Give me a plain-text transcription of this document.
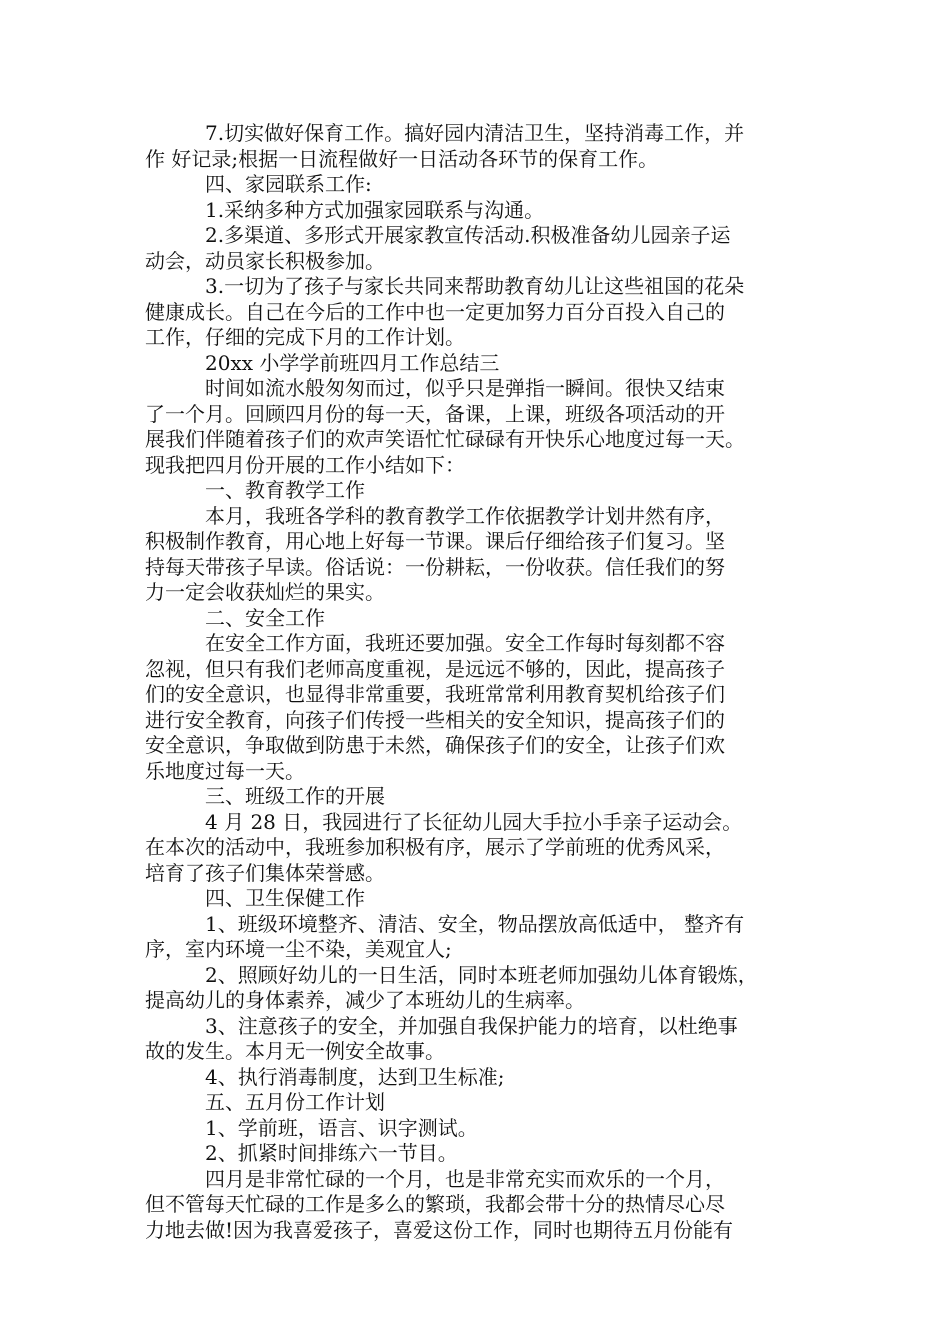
7.切实做好保育工作。搞好园内清洁卫生，坚持消毒工作，并

作 好记录;根据一日流程做好一日活动各环节的保育工作。

四、家园联系工作:

1.采纳多种方式加强家园联系与沟通。

2.多渠道、多形式开展家教宣传活动.积极准备幼儿园亲子运

动会，动员家长积极参加。

3.一切为了孩子与家长共同来帮助教育幼儿让这些祖国的花朵

健康成长。自己在今后的工作中也一定更加努力百分百投入自己的

工作，仔细的完成下月的工作计划。

20xx 小学学前班四月工作总结三

时间如流水般匆匆而过，似乎只是弹指一瞬间。很快又结束

了一个月。回顾四月份的每一天，备课，上课，班级各项活动的开

展我们伴随着孩子们的欢声笑语忙忙碌碌有开快乐心地度过每一天。

现我把四月份开展的工作小结如下：

一、教育教学工作

本月，我班各学科的教育教学工作依据教学计划井然有序，

积极制作教育，用心地上好每一节课。课后仔细给孩子们复习。坚

持每天带孩子早读。俗话说：一份耕耘，一份收获。信任我们的努

力一定会收获灿烂的果实。

二、安全工作

在安全工作方面，我班还要加强。安全工作每时每刻都不容

忽视，但只有我们老师高度重视，是远远不够的，因此，提高孩子

们的安全意识，也显得非常重要，我班常常利用教育契机给孩子们

进行安全教育，向孩子们传授一些相关的安全知识，提高孩子们的

安全意识，争取做到防患于未然，确保孩子们的安全，让孩子们欢

乐地度过每一天。

三、班级工作的开展

4 月 28 日，我园进行了长征幼儿园大手拉小手亲子运动会。

在本次的活动中，我班参加积极有序，展示了学前班的优秀风采，

培育了孩子们集体荣誉感。

四、卫生保健工作

1、班级环境整齐、清洁、安全，物品摆放高低适中， 整齐有

序，室内环境一尘不染，美观宜人;

2、照顾好幼儿的一日生活，同时本班老师加强幼儿体育锻炼，

提高幼儿的身体素养，减少了本班幼儿的生病率。

3、注意孩子的安全，并加强自我保护能力的培育，以杜绝事

故的发生。本月无一例安全故事。

4、执行消毒制度，达到卫生标准;

五、五月份工作计划

1、学前班，语言、识字测试。

2、抓紧时间排练六一节目。

四月是非常忙碌的一个月，也是非常充实而欢乐的一个月，

但不管每天忙碌的工作是多么的繁琐，我都会带十分的热情尽心尽

力地去做!因为我喜爱孩子，喜爱这份工作，同时也期待五月份能有
